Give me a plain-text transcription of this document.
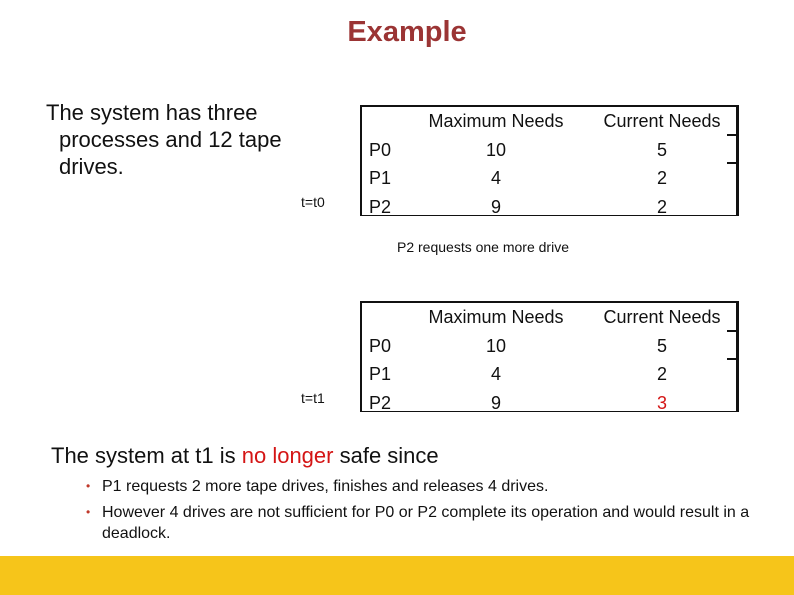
Example
The system has three processes and 12 tape drives.
t=t0
P0
P1
P2
Maximum Needs
10
4
9
Current Needs
5
2
2
P2 requests one more drive
t=t1
P0
P1
P2
Maximum Needs
10
4
9
Current Needs
5
2
3
The system at t1 is no longer safe since
• P1 requests 2 more tape drives, finishes and releases 4 drives.
• However 4 drives are not sufficient for P0 or P2 complete its operation and would result in a deadlock.
